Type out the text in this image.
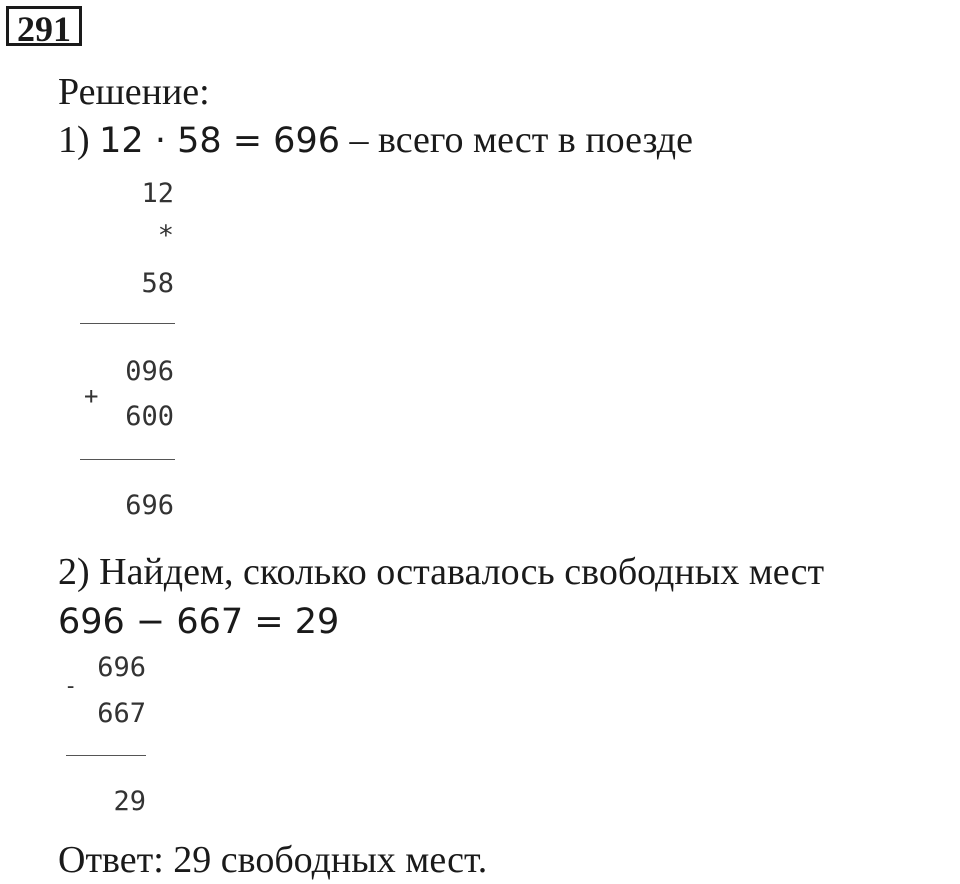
291
Решение:
1) 12 · 58 = 696 – всего мест в поезде
12
*
58
096
+
600
696
2) Найдем, сколько оставалось свободных мест
696 − 667 = 29
696
-
667
29
Ответ: 29 свободных мест.
